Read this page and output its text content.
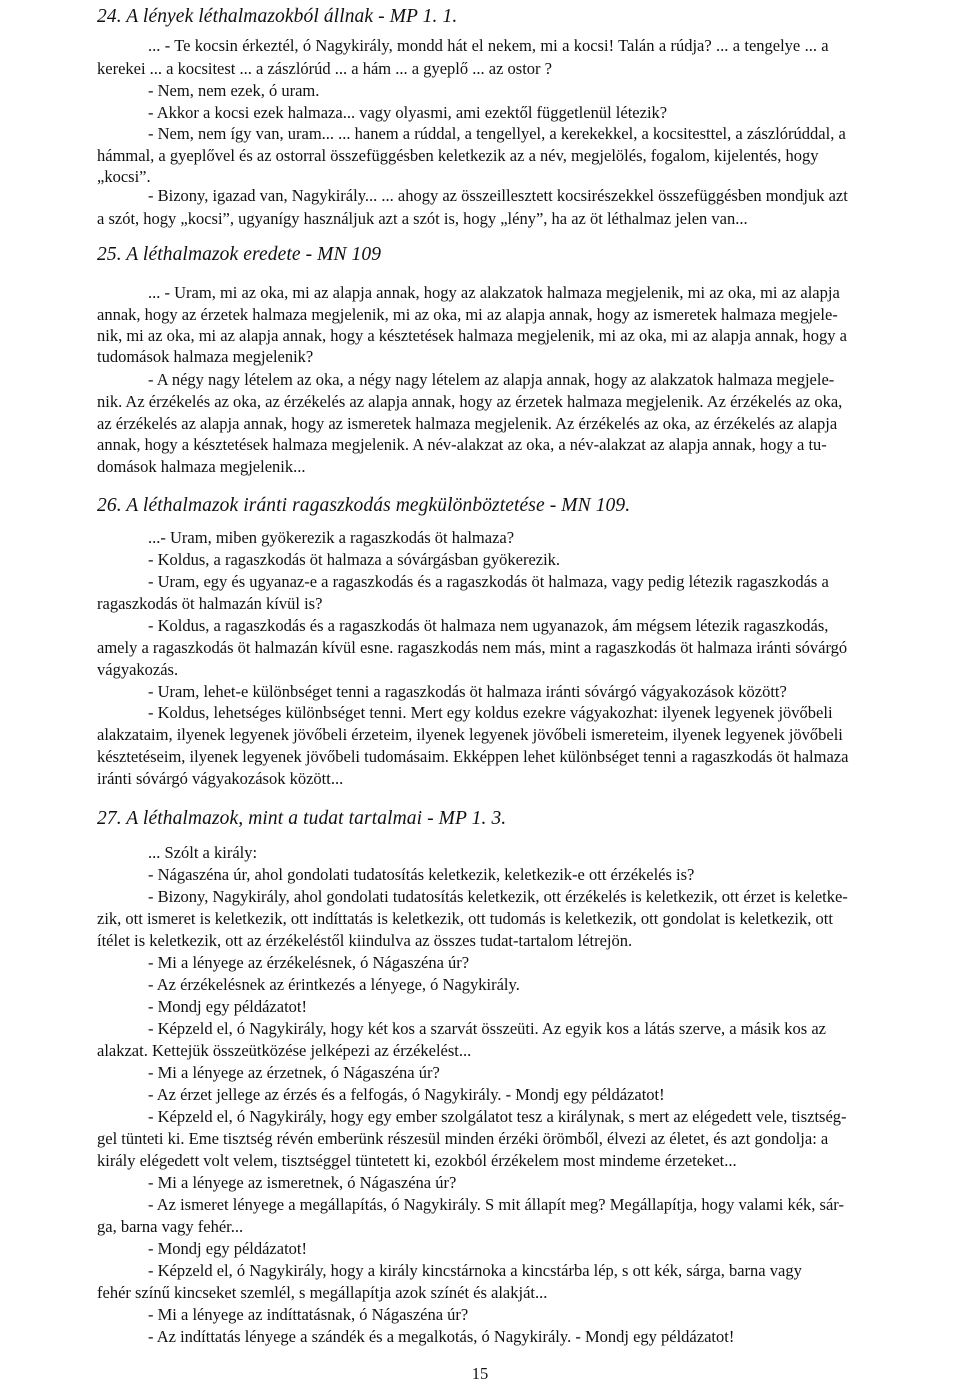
24. A lények léthalmazokból állnak - MP 1. 1.
... - Te kocsin érkeztél, ó Nagykirály, mondd hát el nekem, mi a kocsi! Talán a rúdja? ... a tengelye ... a
kerekei ... a kocsitest ... a zászlórúd ... a hám ... a gyeplő ... az ostor ?
- Nem, nem ezek, ó uram.
- Akkor a kocsi ezek halmaza... vagy olyasmi, ami ezektől függetlenül létezik?
- Nem, nem így van, uram... ... hanem a rúddal, a tengellyel, a kerekekkel, a kocsitesttel, a zászlórúddal, a
hámmal, a gyeplővel és az ostorral összefüggésben keletkezik az a név, megjelölés, fogalom, kijelentés, hogy
„kocsi”.
- Bizony, igazad van, Nagykirály... ... ahogy az összeillesztett kocsirészekkel összefüggésben mondjuk azt
a szót, hogy „kocsi”, ugyanígy használjuk azt a szót is, hogy „lény”, ha az öt léthalmaz jelen van...
25. A léthalmazok eredete - MN 109
... - Uram, mi az oka, mi az alapja annak, hogy az alakzatok halmaza megjelenik, mi az oka, mi az alapja
annak, hogy az érzetek halmaza megjelenik, mi az oka, mi az alapja annak, hogy az ismeretek halmaza megjele-
nik, mi az oka, mi az alapja annak, hogy a késztetések halmaza megjelenik, mi az oka, mi az alapja annak, hogy a
tudomások halmaza megjelenik?
- A négy nagy lételem az oka, a négy nagy lételem az alapja annak, hogy az alakzatok halmaza megjele-
nik. Az érzékelés az oka, az érzékelés az alapja annak, hogy az érzetek halmaza megjelenik. Az érzékelés az oka,
az érzékelés az alapja annak, hogy az ismeretek halmaza megjelenik. Az érzékelés az oka, az érzékelés az alapja
annak, hogy a késztetések halmaza megjelenik. A név-alakzat az oka, a név-alakzat az alapja annak, hogy a tu-
domások halmaza megjelenik...
26. A léthalmazok iránti ragaszkodás megkülönböztetése - MN 109.
...- Uram, miben gyökerezik a ragaszkodás öt halmaza?
- Koldus, a ragaszkodás öt halmaza a sóvárgásban gyökerezik.
- Uram, egy és ugyanaz-e a ragaszkodás és a ragaszkodás öt halmaza, vagy pedig létezik ragaszkodás a
ragaszkodás öt halmazán kívül is?
- Koldus, a ragaszkodás és a ragaszkodás öt halmaza nem ugyanazok, ám mégsem létezik ragaszkodás,
amely a ragaszkodás öt halmazán kívül esne. ragaszkodás nem más, mint a ragaszkodás öt halmaza iránti sóvárgó
vágyakozás.
- Uram, lehet-e különbséget tenni a ragaszkodás öt halmaza iránti sóvárgó vágyakozások között?
- Koldus, lehetséges különbséget tenni. Mert egy koldus ezekre vágyakozhat: ilyenek legyenek jövőbeli
alakzataim, ilyenek legyenek jövőbeli érzeteim, ilyenek legyenek jövőbeli ismereteim, ilyenek legyenek jövőbeli
késztetéseim, ilyenek legyenek jövőbeli tudomásaim. Ekképpen lehet különbséget tenni a ragaszkodás öt halmaza
iránti sóvárgó vágyakozások között...
27. A léthalmazok, mint a tudat tartalmai - MP 1. 3.
... Szólt a király:
- Nágaszéna úr, ahol gondolati tudatosítás keletkezik, keletkezik-e ott érzékelés is?
- Bizony, Nagykirály, ahol gondolati tudatosítás keletkezik, ott érzékelés is keletkezik, ott érzet is keletke-
zik, ott ismeret is keletkezik, ott indíttatás is keletkezik, ott tudomás is keletkezik, ott gondolat is keletkezik, ott
ítélet is keletkezik, ott az érzékeléstől kiindulva az összes tudat-tartalom létrejön.
- Mi a lényege az érzékelésnek, ó Nágaszéna úr?
- Az érzékelésnek az érintkezés a lényege, ó Nagykirály.
- Mondj egy példázatot!
- Képzeld el, ó Nagykirály, hogy két kos a szarvát összeüti. Az egyik kos a látás szerve, a másik kos az
alakzat. Kettejük összeütközése jelképezi az érzékelést...
- Mi a lényege az érzetnek, ó Nágaszéna úr?
- Az érzet jellege az érzés és a felfogás, ó Nagykirály. - Mondj egy példázatot!
- Képzeld el, ó Nagykirály, hogy egy ember szolgálatot tesz a királynak, s mert az elégedett vele, tisztség-
gel tünteti ki. Eme tisztség révén emberünk részesül minden érzéki örömből, élvezi az életet, és azt gondolja: a
király elégedett volt velem, tisztséggel tüntetett ki, ezokból érzékelem most mindeme érzeteket...
- Mi a lényege az ismeretnek, ó Nágaszéna úr?
- Az ismeret lényege a megállapítás, ó Nagykirály. S mit állapít meg? Megállapítja, hogy valami kék, sár-
ga, barna vagy fehér...
- Mondj egy példázatot!
- Képzeld el, ó Nagykirály, hogy a király kincstárnoka a kincstárba lép, s ott kék, sárga, barna vagy
fehér színű kincseket szemlél, s megállapítja azok színét és alakját...
- Mi a lényege az indíttatásnak, ó Nágaszéna úr?
- Az indíttatás lényege a szándék és a megalkotás, ó Nagykirály. - Mondj egy példázatot!
15
